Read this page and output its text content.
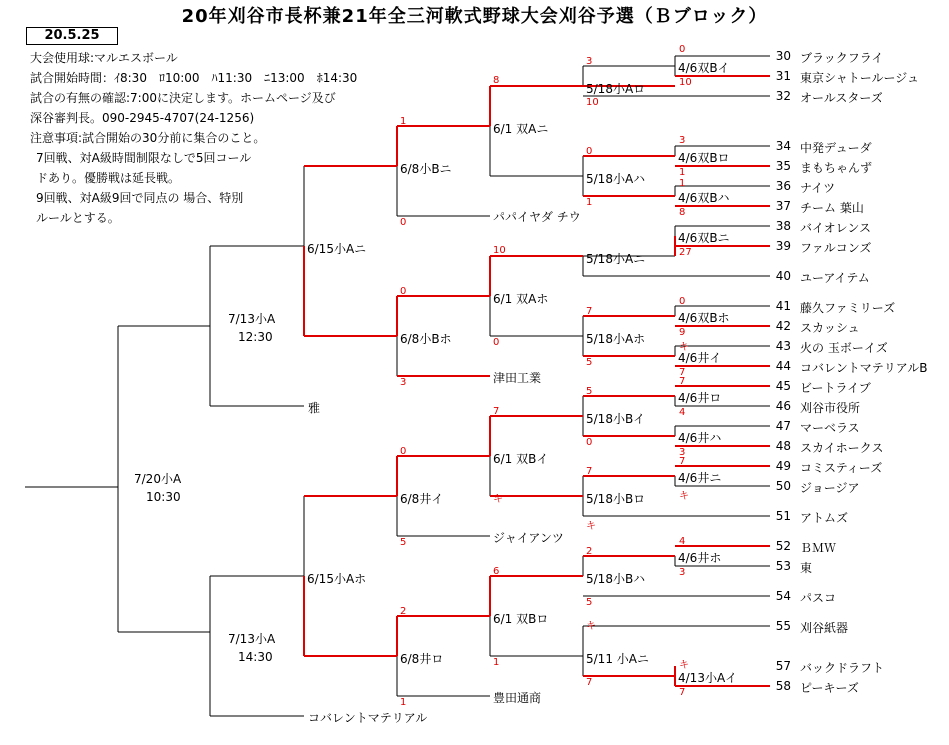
20年刈谷市長杯兼21年全三河軟式野球大会刈谷予選（Ｂブロック）
20.5.25
大会使用球:マルエスボール
試合開始時間：ｲ8:30　ﾛ10:00　ﾊ11:30　ﾆ13:00　ﾎ14:30
試合の有無の確認:7:00に決定します。ホームページ及び
深谷審判長。090-2945-4707(24-1256)
注意事項:試合開始の30分前に集合のこと。
7回戦、対A級時間制限なしで5回コール
ドあり。優勝戦は延長戦。
9回戦、対A級9回で同点の 場合、特別
ルールとする。
4/6双Bイ
4/6双Bロ
4/6双Bハ
4/6双Bニ
4/6双Bホ
4/6井イ
4/6井ロ
4/6井ハ
4/6井ニ
4/6井ホ
4/13小Aイ
5/18小Aロ
5/18小Aハ
5/18小Aニ
5/18小Aホ
5/18小Bイ
5/18小Bロ
5/18小Bハ
5/11 小Aニ
6/1 双Aニ
6/1 双Aホ
6/1 双Bイ
6/1 双Bロ
6/8小Bニ
6/8小Bホ
6/8井イ
6/8井ロ
6/15小Aニ
6/15小Aホ
7/13小A
12:30
7/13小A
14:30
7/20小A
10:30
パパイヤダ チウ
津田工業
雅
ジャイアンツ
豊田通商
コバレントマテリアル
30 ブラックフライ
31 東京シャトールージュ
32 オールスターズ
34 中発デューダ
35 まもちゃんず
36 ナイツ
37 チーム 葉山
38 バイオレンス
39 ファルコンズ
40 ユーアイテム
41 藤久ファミリーズ
42 スカッシュ
43 火の 玉ボーイズ
44 コバレントマテリアルB
45 ビートライブ
46 刈谷市役所
47 マーベラス
48 スカイホークス
49 コミスティーズ
50 ジョージア
51 アトムズ
52 ＢＭＷ
53 東
54 パスコ
55 刈谷紙器
57 バックドラフト
58 ピーキーズ
0
10
3
10
8
3
1
0
1
1
8
27
1
0
10
0
0
9
7
7
5
0
3	7
5
4
0
3
7
0
7
7
4
2
3
6
5
1
2
1
5
7
7
キ
キ
キ
キ
キ
キ
